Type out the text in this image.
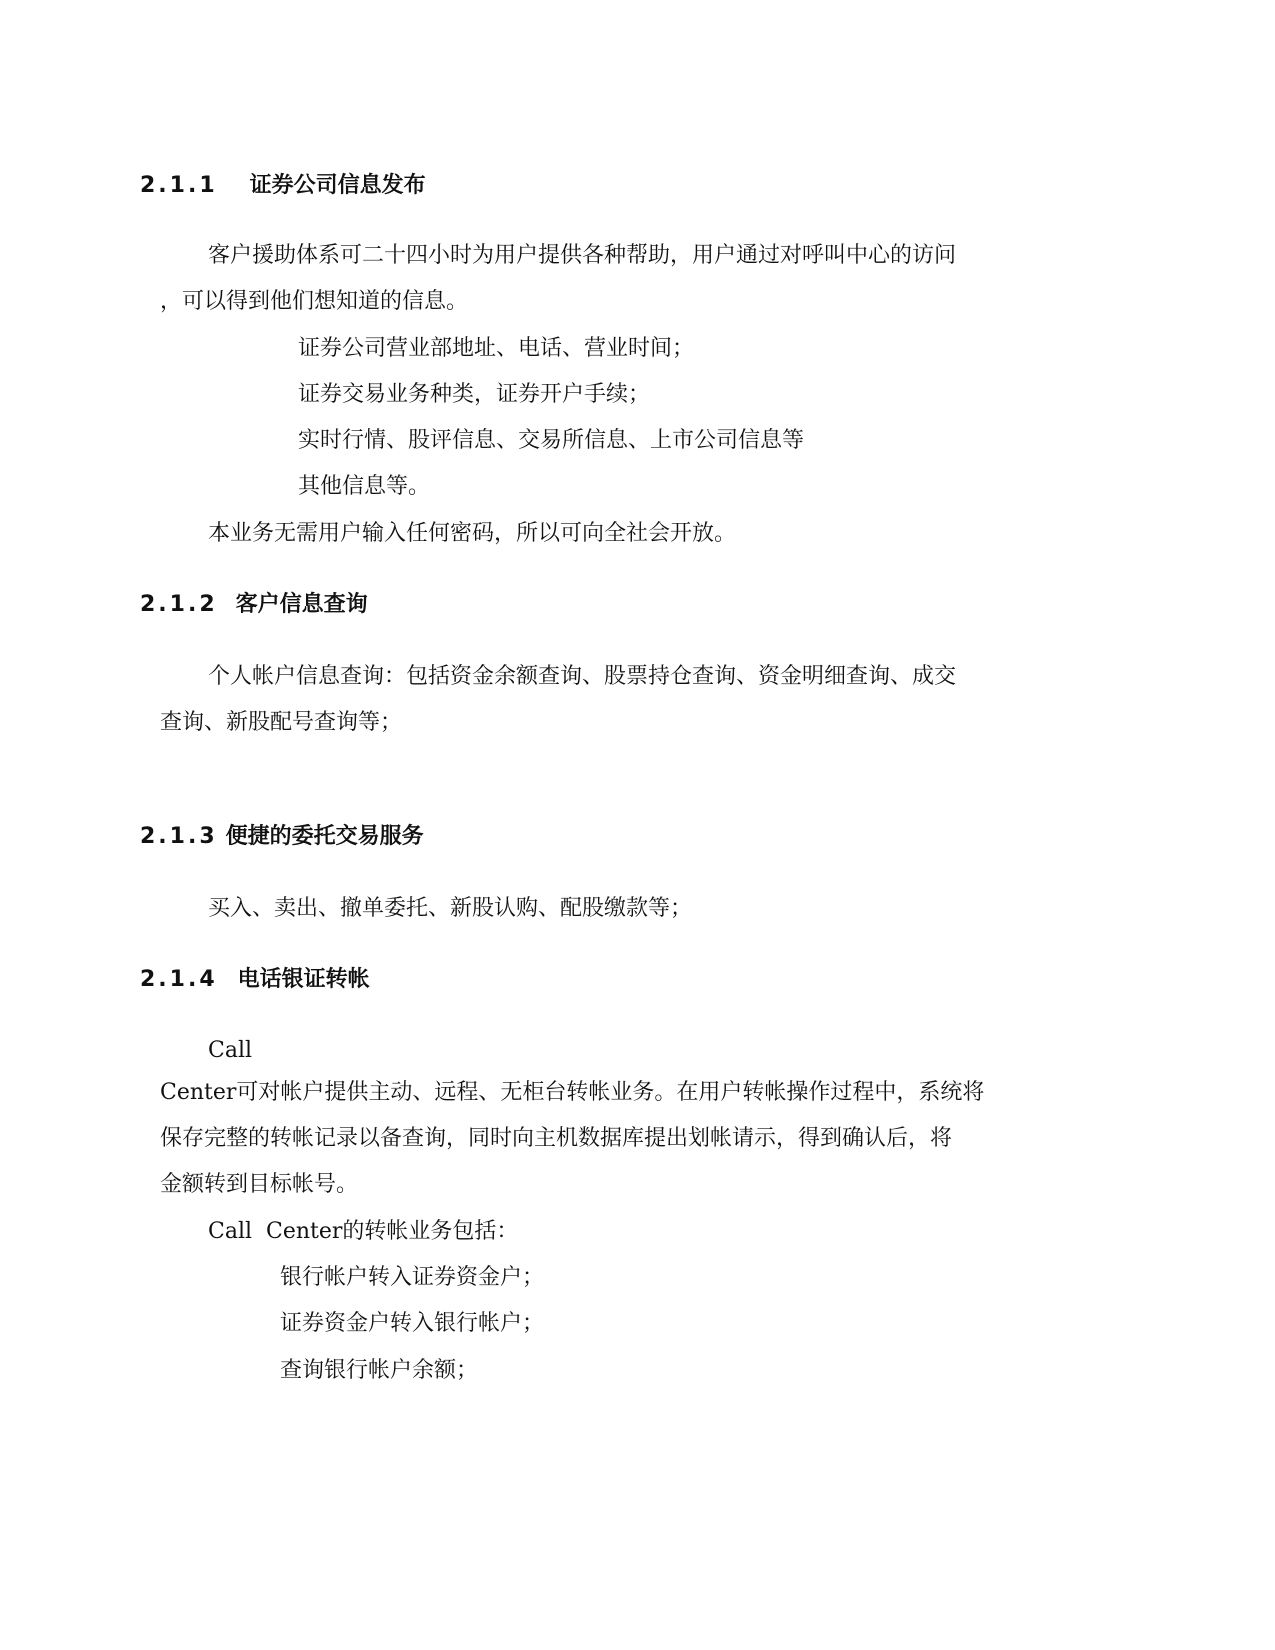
2.1.1 证券公司信息发布
客户援助体系可二十四小时为用户提供各种帮助，用户通过对呼叫中心的访问
，可以得到他们想知道的信息。
证券公司营业部地址、电话、营业时间；
证券交易业务种类，证券开户手续；
实时行情、股评信息、交易所信息、上市公司信息等
其他信息等。
本业务无需用户输入任何密码，所以可向全社会开放。
2.1.2 客户信息查询
个人帐户信息查询：包括资金余额查询、股票持仓查询、资金明细查询、成交
查询、新股配号查询等；
2.1.3 便捷的委托交易服务
买入、卖出、撤单委托、新股认购、配股缴款等；
2.1.4 电话银证转帐
Call
Center可对帐户提供主动、远程、无柜台转帐业务。在用户转帐操作过程中，系统将
保存完整的转帐记录以备查询，同时向主机数据库提出划帐请示，得到确认后，将
金额转到目标帐号。
Call  Center的转帐业务包括：
银行帐户转入证券资金户；
证券资金户转入银行帐户；
查询银行帐户余额；
